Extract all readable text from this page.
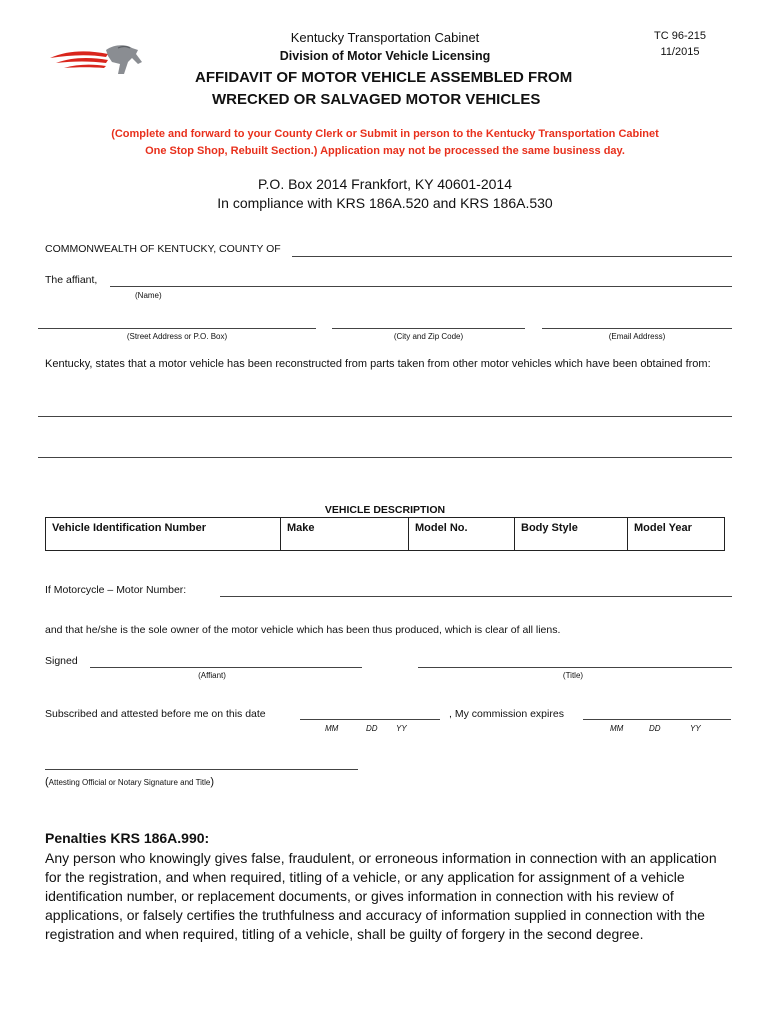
Kentucky Transportation Cabinet
Division of Motor Vehicle Licensing
TC 96-215
11/2015
AFFIDAVIT OF MOTOR VEHICLE ASSEMBLED FROM
WRECKED OR SALVAGED MOTOR VEHICLES
(Complete and forward to your County Clerk or Submit in person to the Kentucky Transportation Cabinet
One Stop Shop, Rebuilt Section.) Application may not be processed the same business day.
P.O. Box 2014 Frankfort, KY 40601-2014
In compliance with KRS 186A.520 and KRS 186A.530
COMMONWEALTH OF KENTUCKY, COUNTY OF
The affiant,
(Name)
(Street Address or P.O. Box)	(City and Zip Code)	(Email Address)
Kentucky, states that a motor vehicle has been reconstructed from parts taken from other motor vehicles which have been obtained from:
VEHICLE DESCRIPTION
Vehicle Identification Number	Make	Model No.	Body Style	Model Year
If Motorcycle – Motor Number:
and that he/she is the sole owner of the motor vehicle which has been thus produced, which is clear of all liens.
Signed
(Affiant)	(Title)
Subscribed and attested before me on this date	, My commission expires
MM	DD YY	MM	DD	YY
(Attesting Official or Notary Signature and Title)
Penalties KRS 186A.990:
Any person who knowingly gives false, fraudulent, or erroneous information in connection with an application for the registration, and when required, titling of a vehicle, or any application for assignment of a vehicle identification number, or replacement documents, or gives information in connection with his review of applications, or falsely certifies the truthfulness and accuracy of information supplied in connection with the registration and when required, titling of a vehicle, shall be guilty of forgery in the second degree.
